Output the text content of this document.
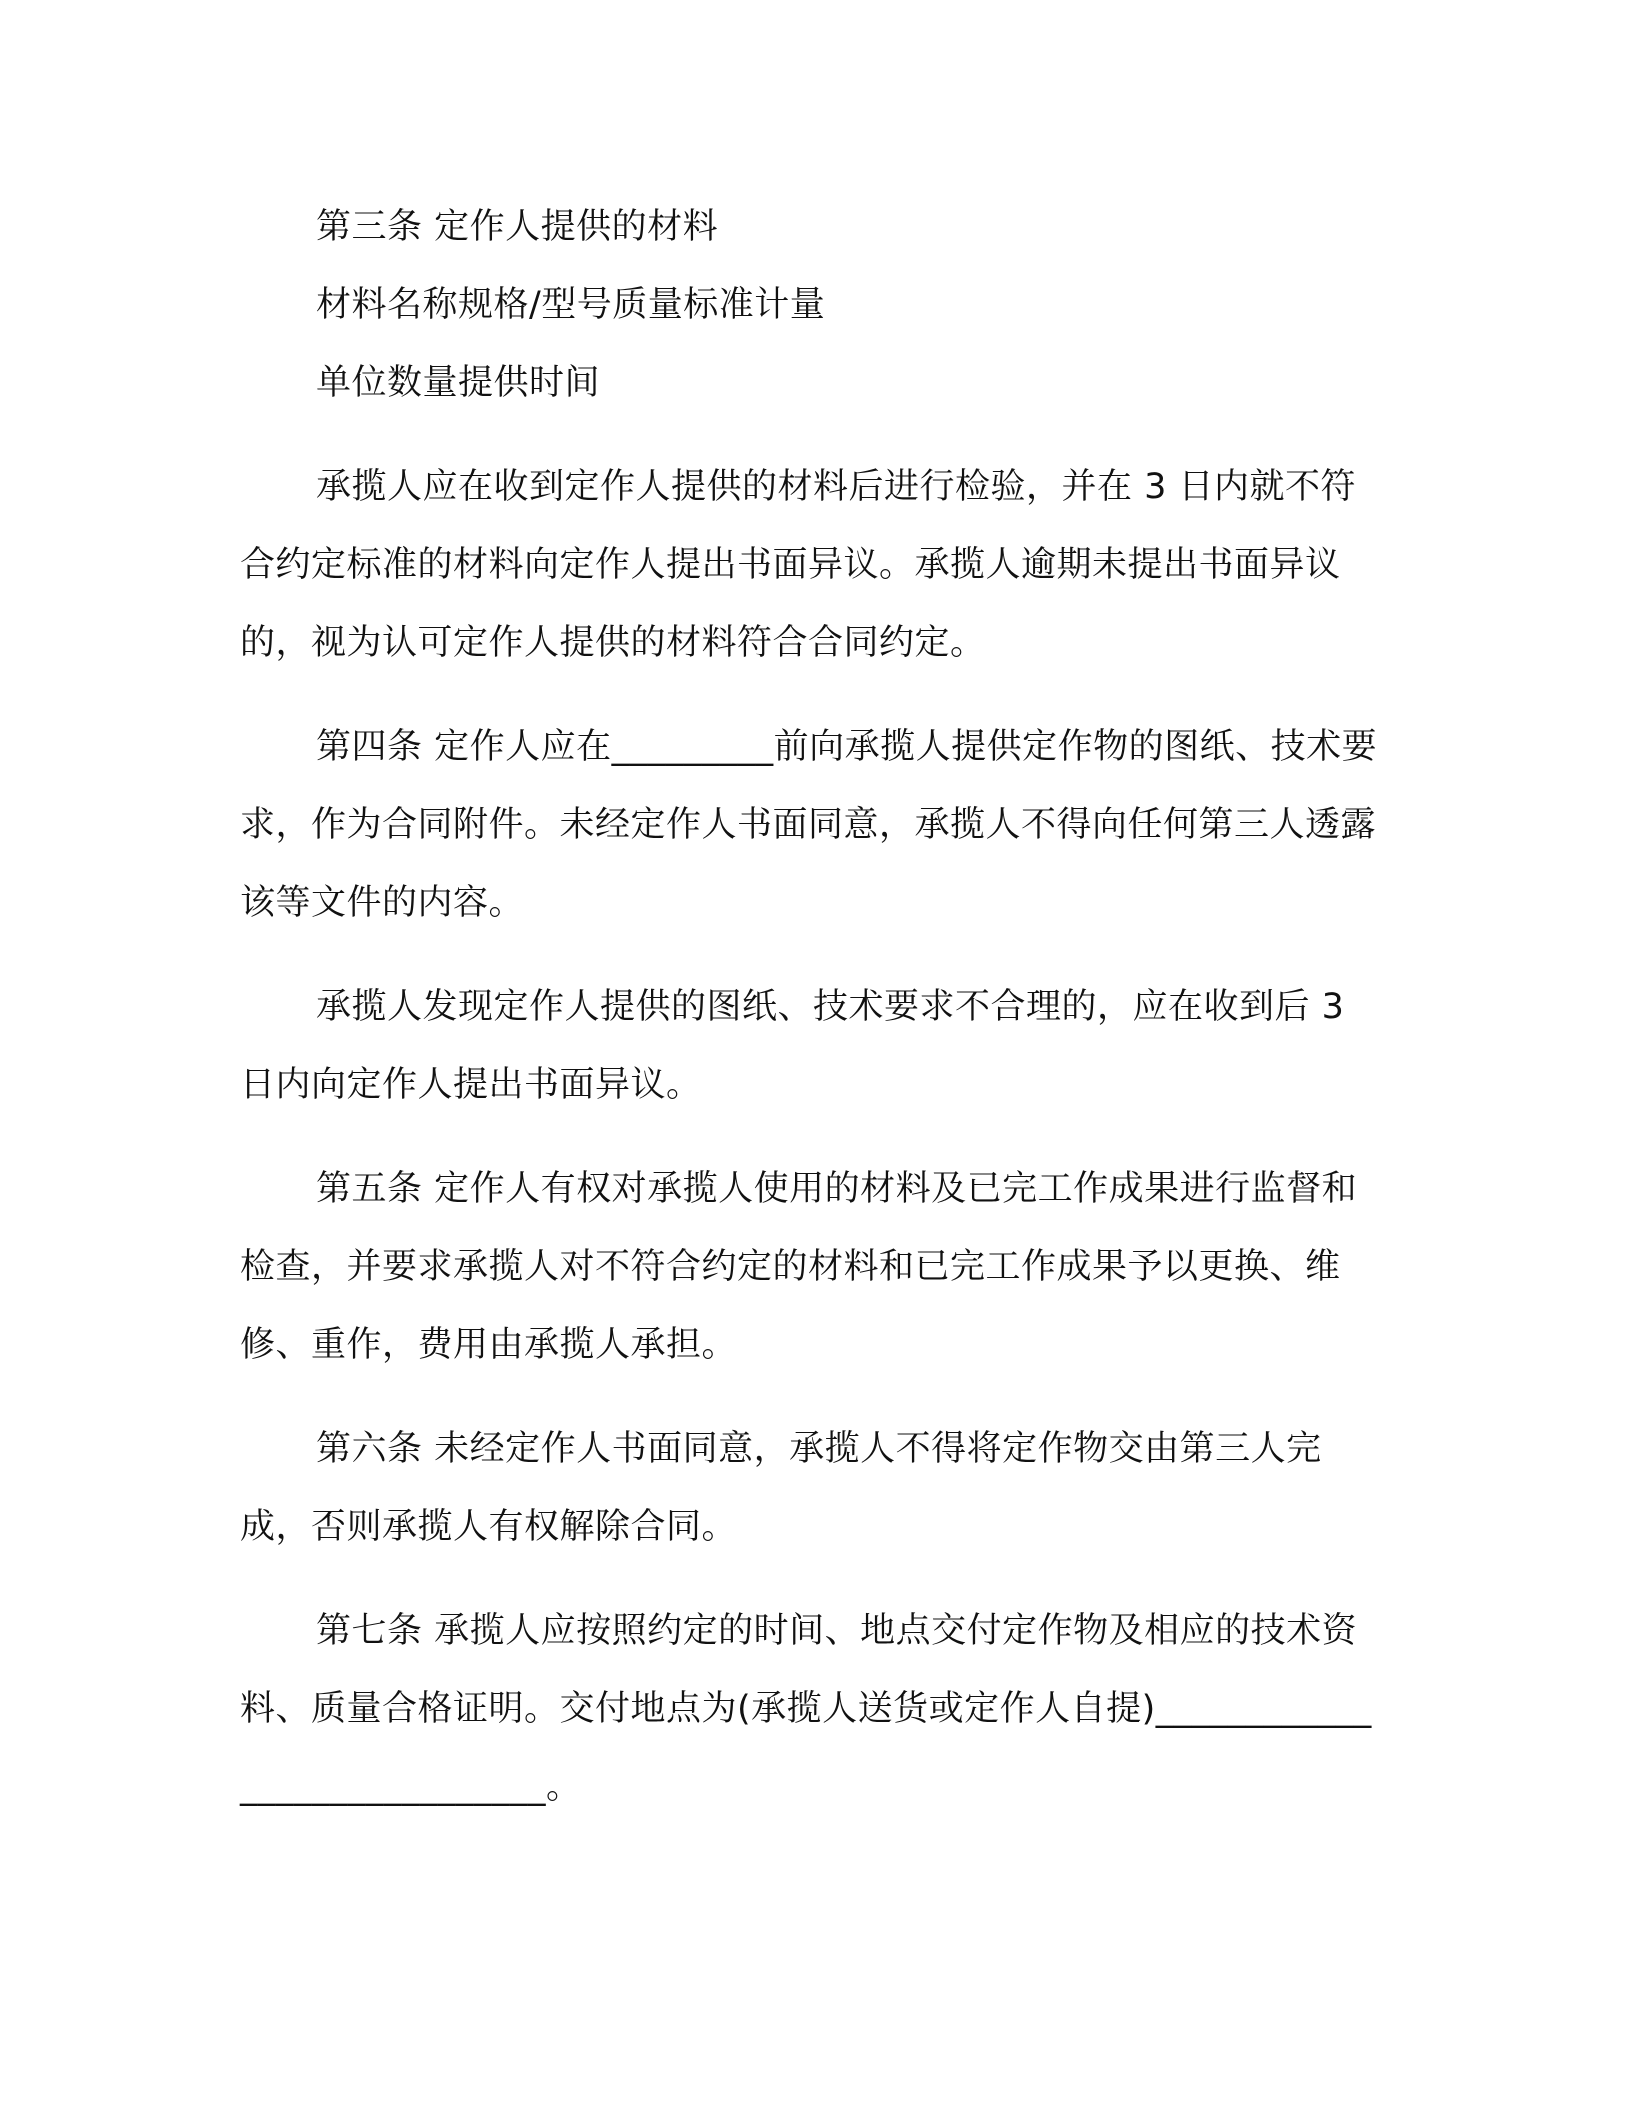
第三条 定作人提供的材料

材料名称规格/型号质量标准计量

单位数量提供时间

承揽人应在收到定作人提供的材料后进行检验，并在 3 日内就不符合约定标准的材料向定作人提出书面异议。承揽人逾期未提出书面异议的，视为认可定作人提供的材料符合合同约定。

第四条 定作人应在_________前向承揽人提供定作物的图纸、技术要求，作为合同附件。未经定作人书面同意，承揽人不得向任何第三人透露该等文件的内容。

承揽人发现定作人提供的图纸、技术要求不合理的，应在收到后 3 日内向定作人提出书面异议。

第五条 定作人有权对承揽人使用的材料及已完工作成果进行监督和检查，并要求承揽人对不符合约定的材料和已完工作成果予以更换、维修、重作，费用由承揽人承担。

第六条 未经定作人书面同意，承揽人不得将定作物交由第三人完成，否则承揽人有权解除合同。

第七条 承揽人应按照约定的时间、地点交付定作物及相应的技术资料、质量合格证明。交付地点为(承揽人送货或定作人自提)_____________________________。
